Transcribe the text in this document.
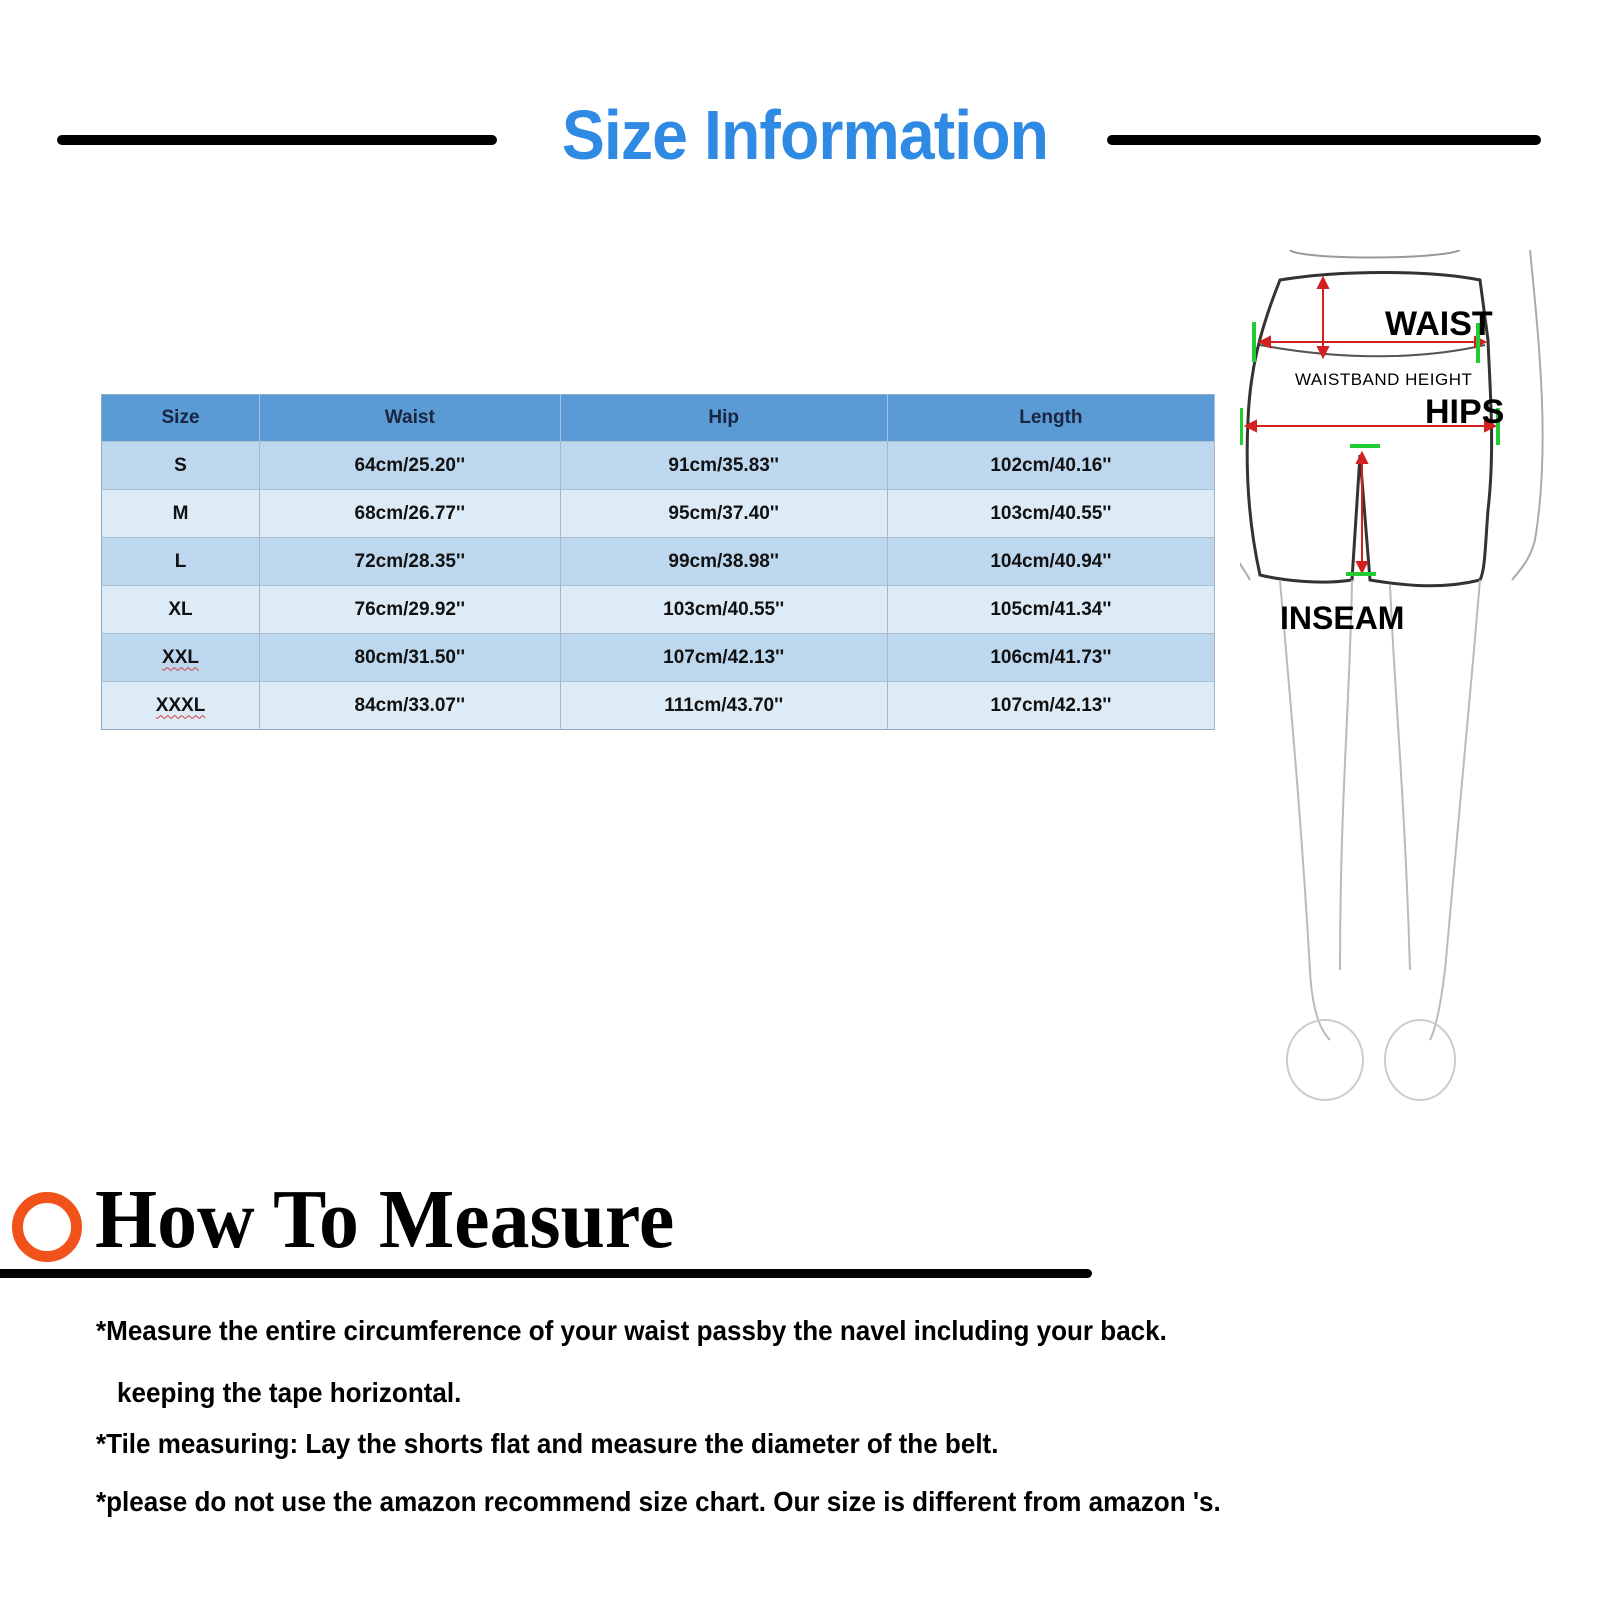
Size Information
Size	Waist	Hip	Length
S	64cm/25.20''	91cm/35.83''	102cm/40.16''
M	68cm/26.77''	95cm/37.40''	103cm/40.55''
L	72cm/28.35''	99cm/38.98''	104cm/40.94''
XL	76cm/29.92''	103cm/40.55''	105cm/41.34''
XXL	80cm/31.50''	107cm/42.13''	106cm/41.73''
XXXL	84cm/33.07''	111cm/43.70''	107cm/42.13''
WAIST
WAISTBAND HEIGHT
HIPS
INSEAM
How To Measure
*Measure the entire circumference of your waist passby the navel including your back.
keeping the tape horizontal.
*Tile measuring: Lay the shorts flat and measure the diameter of the belt.
*please do not use the amazon recommend size chart. Our size is different from amazon 's.
